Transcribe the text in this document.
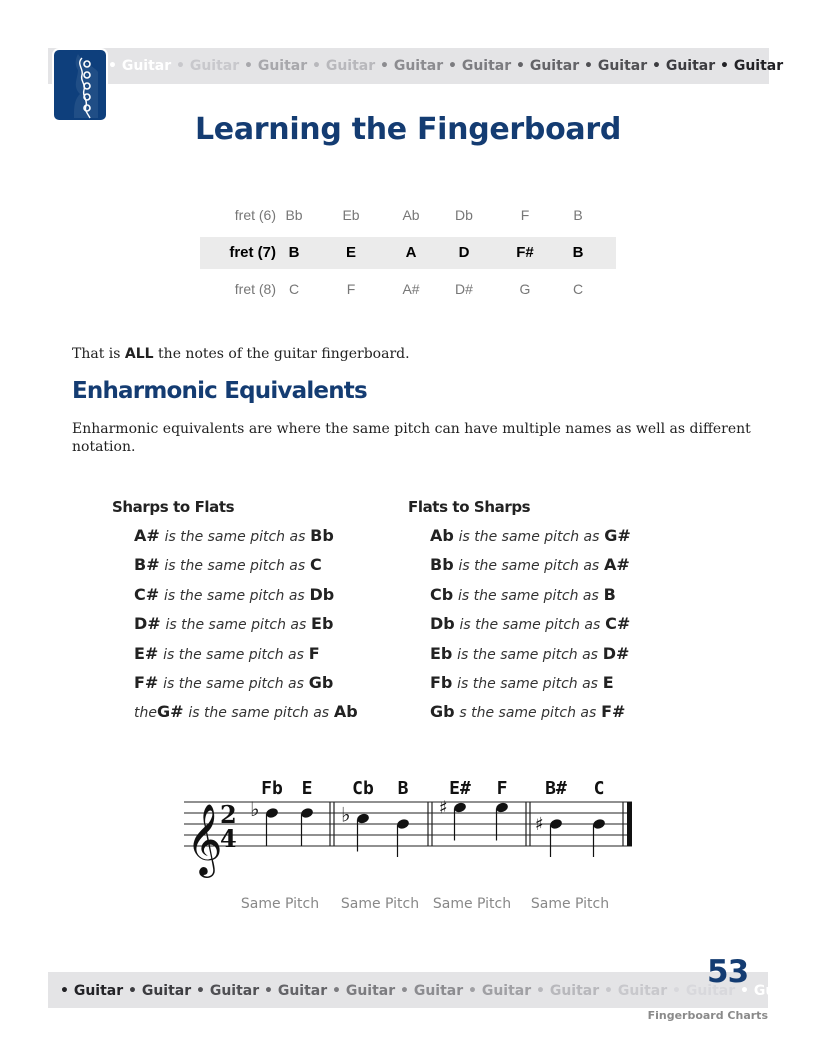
• Guitar • Guitar • Guitar • Guitar • Guitar • Guitar • Guitar • Guitar • Guitar • Guitar
Learning the Fingerboard
fret (6) Bb	Eb	Ab	Db	F	B
fret (7) B	E	A	D	F#	B
fret (8) C	F	A#	D#	G	C

That is ALL the notes of the guitar fingerboard.

Enharmonic Equivalents

Enharmonic equivalents are where the same pitch can have multiple names as well as different notation.

Sharps to Flats
A# is the same pitch as Bb
B# is the same pitch as C
C# is the same pitch as Db
D# is the same pitch as Eb
E# is the same pitch as F
F# is the same pitch as Gb
theG# is the same pitch as Ab
Flats to Sharps
Ab is the same pitch as G#
Bb is the same pitch as A#
Cb is the same pitch as B
Db is the same pitch as C#
Eb is the same pitch as D#
Fb is the same pitch as E
Gb s the same pitch as F#
𝄞
2
4
♭
Fb E
♭
Cb B
♯
E# F
♯
B# C
Same Pitch Same Pitch Same Pitch Same Pitch
• Guitar • Guitar • Guitar • Guitar • Guitar • Guitar • Guitar • Guitar • Guitar • Guitar • Guitar
53
Fingerboard Charts
